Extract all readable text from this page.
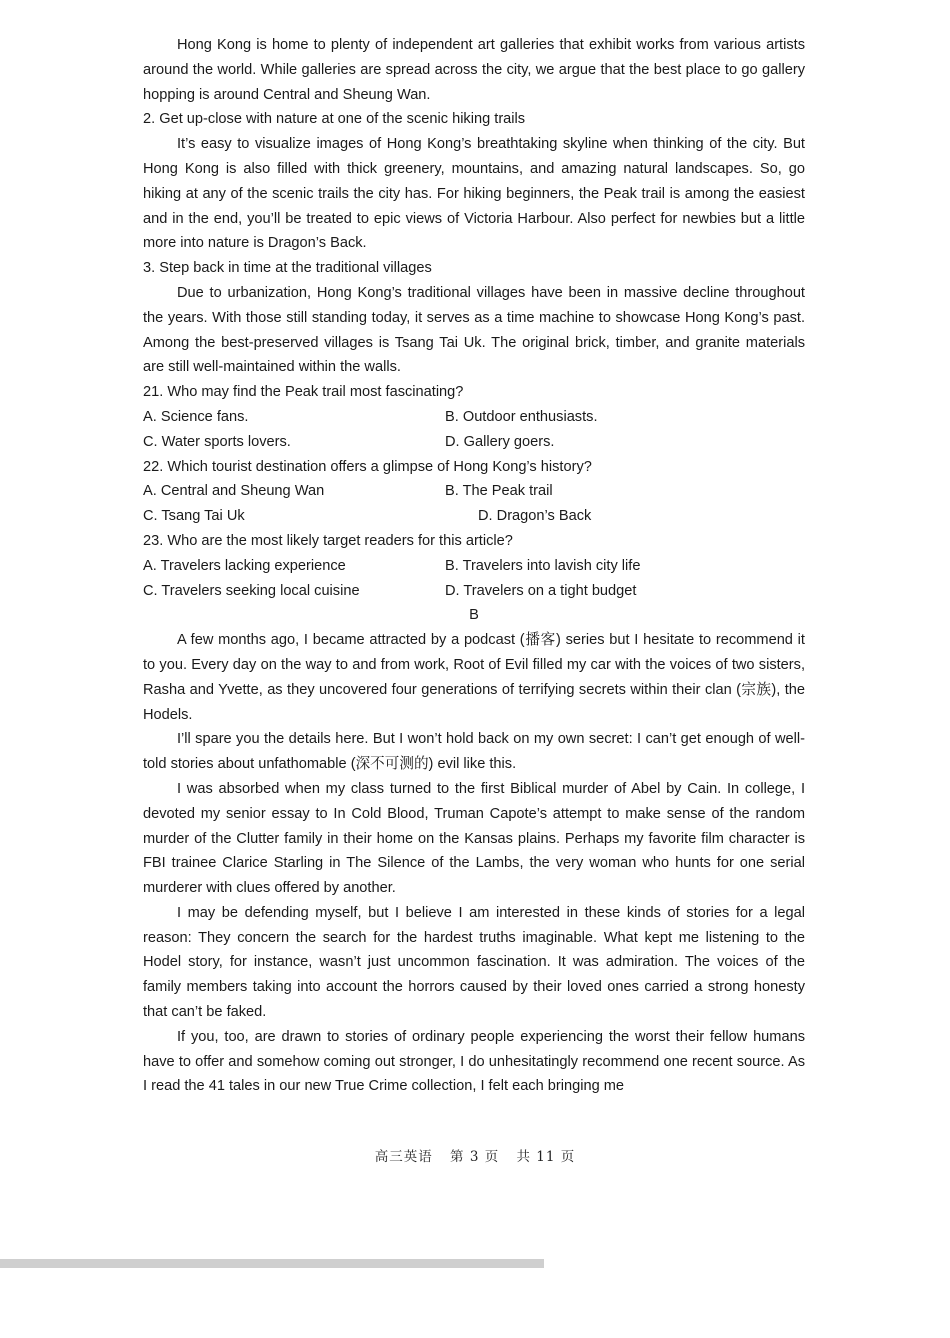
Hong Kong is home to plenty of independent art galleries that exhibit works from various artists around the world. While galleries are spread across the city, we argue that the best place to go gallery hopping is around Central and Sheung Wan.

2. Get up-close with nature at one of the scenic hiking trails

It’s easy to visualize images of Hong Kong’s breathtaking skyline when thinking of the city. But Hong Kong is also filled with thick greenery, mountains, and amazing natural landscapes. So, go hiking at any of the scenic trails the city has. For hiking beginners, the Peak trail is among the easiest and in the end, you’ll be treated to epic views of Victoria Harbour. Also perfect for newbies but a little more into nature is Dragon’s Back.

3. Step back in time at the traditional villages

Due to urbanization, Hong Kong’s traditional villages have been in massive decline throughout the years. With those still standing today, it serves as a time machine to showcase Hong Kong’s past. Among the best-preserved villages is Tsang Tai Uk. The original brick, timber, and granite materials are still well-maintained within the walls.

21. Who may find the Peak trail most fascinating?

A. Science fans.	B. Outdoor enthusiasts.
C. Water sports lovers.	D. Gallery goers.

22. Which tourist destination offers a glimpse of Hong Kong’s history?

A. Central and Sheung Wan	B. The Peak trail
C. Tsang Tai Uk	D. Dragon’s Back

23. Who are the most likely target readers for this article?

A. Travelers lacking experience	B. Travelers into lavish city life
C. Travelers seeking local cuisine	D. Travelers on a tight budget

B

A few months ago, I became attracted by a podcast (播客) series but I hesitate to recommend it to you. Every day on the way to and from work, Root of Evil filled my car with the voices of two sisters, Rasha and Yvette, as they uncovered four generations of terrifying secrets within their clan (宗族), the Hodels.

I’ll spare you the details here. But I won’t hold back on my own secret: I can’t get enough of well-told stories about unfathomable (深不可测的) evil like this.

I was absorbed when my class turned to the first Biblical murder of Abel by Cain. In college, I devoted my senior essay to In Cold Blood, Truman Capote’s attempt to make sense of the random murder of the Clutter family in their home on the Kansas plains. Perhaps my favorite film character is FBI trainee Clarice Starling in The Silence of the Lambs, the very woman who hunts for one serial murderer with clues offered by another.

I may be defending myself, but I believe I am interested in these kinds of stories for a legal reason: They concern the search for the hardest truths imaginable. What kept me listening to the Hodel story, for instance, wasn’t just uncommon fascination. It was admiration. The voices of the family members taking into account the horrors caused by their loved ones carried a strong honesty that can’t be faked.

If you, too, are drawn to stories of ordinary people experiencing the worst their fellow humans have to offer and somehow coming out stronger, I do unhesitatingly recommend one recent source. As I read the 41 tales in our new True Crime collection, I felt each bringing me

高三英语 第 3 页 共 11 页
